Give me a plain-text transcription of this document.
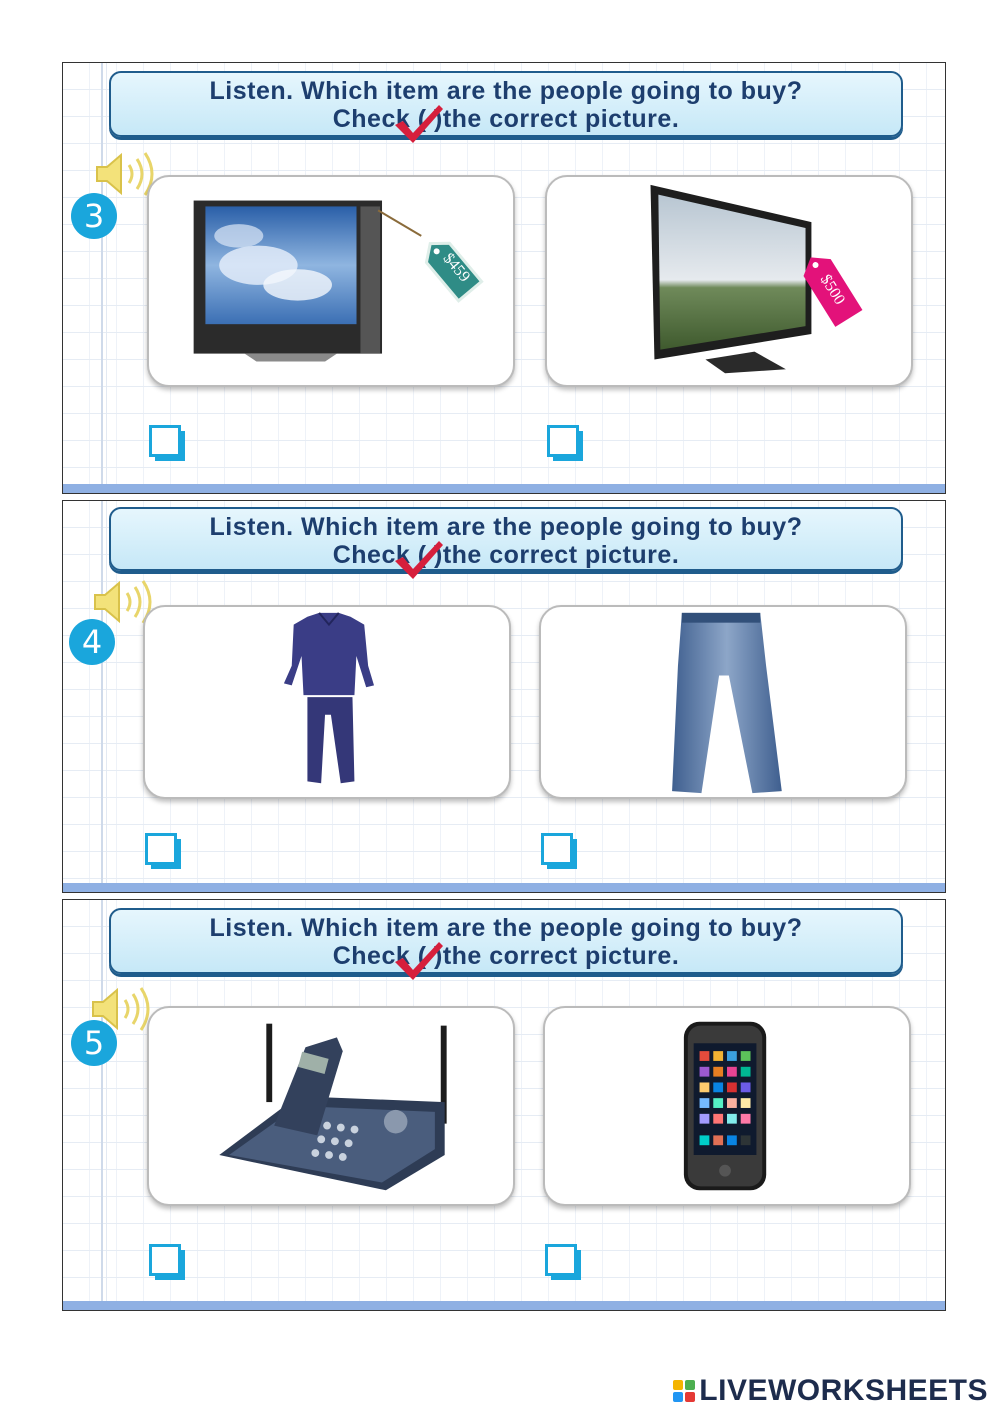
Listen. Which item are the people going to buy?
Check ( )the correct picture.
3
$459
$500
Listen. Which item are the people going to buy?
Check ( )the correct picture.
4
Listen. Which item are the people going to buy?
Check ( )the correct picture.
5
LIVEWORKSHEETS
